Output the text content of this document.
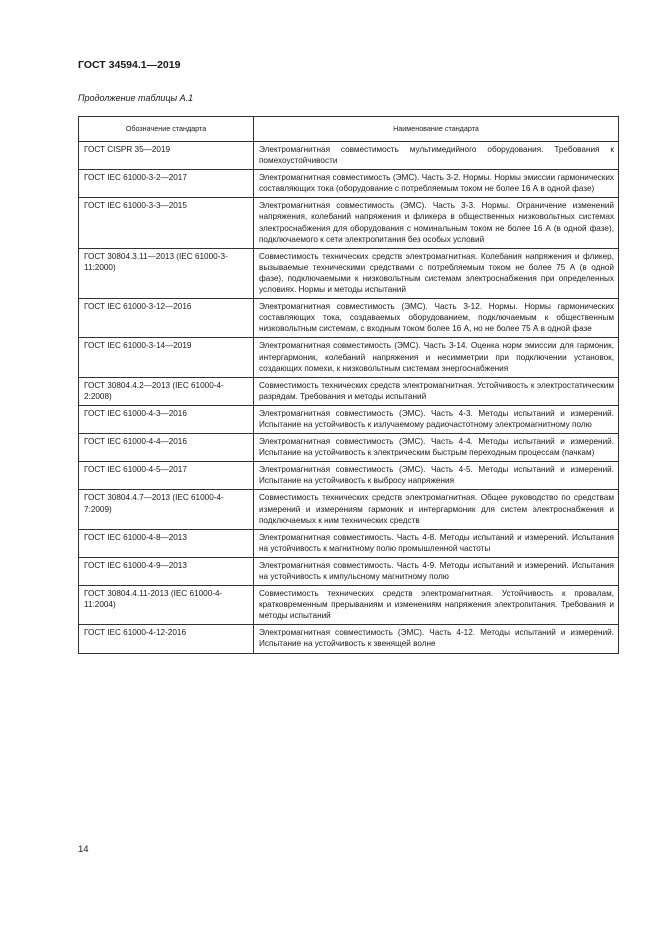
ГОСТ 34594.1—2019
Продолжение таблицы А.1
Обозначение стандарта	Наименование стандарта
ГОСТ CISPR 35—2019	Электромагнитная совместимость мультимедийного оборудования. Требования к помехоустойчивости
ГОСТ IEC 61000-3-2—2017	Электромагнитная совместимость (ЭМС). Часть 3-2. Нормы. Нормы эмиссии гармонических составляющих тока (оборудование с потребляемым током не более 16 А в одной фазе)
ГОСТ IEC 61000-3-3—2015	Электромагнитная совместимость (ЭМС). Часть 3-3. Нормы. Ограничение изменений напряжения, колебаний напряжения и фликера в общественных низковольтных системах электроснабжения для оборудования с номинальным током не более 16 А (в одной фазе), подключаемого к сети электропитания без особых условий
ГОСТ 30804.3.11—2013 (IEC 61000-3-11:2000)	Совместимость технических средств электромагнитная. Колебания напряжения и фликер, вызываемые техническими средствами с потребляемым током не более 75 А (в одной фазе), подключаемыми к низковольтным системам электроснабжения при определенных условиях. Нормы и методы испытаний
ГОСТ IEC 61000-3-12—2016	Электромагнитная совместимость (ЭМС). Часть 3-12. Нормы. Нормы гармонических составляющих тока, создаваемых оборудованием, подключаемым к общественным низковольтным системам, с входным током более 16 А, но не более 75 А в одной фазе
ГОСТ IEC 61000-3-14—2019	Электромагнитная совместимость (ЭМС). Часть 3-14. Оценка норм эмиссии для гармоник, интергармоник, колебаний напряжения и несимметрии при подключении установок, создающих помехи, к низковольтным системам энергоснабжения
ГОСТ 30804.4.2—2013 (IEC 61000-4-2:2008)	Совместимость технических средств электромагнитная. Устойчивость к электростатическим разрядам. Требования и методы испытаний
ГОСТ IEC 61000-4-3—2016	Электромагнитная совместимость (ЭМС). Часть 4-3. Методы испытаний и измерений. Испытание на устойчивость к излучаемому радиочастотному электромагнитному полю
ГОСТ IEC 61000-4-4—2016	Электромагнитная совместимость (ЭМС). Часть 4-4. Методы испытаний и измерений. Испытание на устойчивость к электрическим быстрым переходным процессам (пачкам)
ГОСТ IEC 61000-4-5—2017	Электромагнитная совместимость (ЭМС). Часть 4-5. Методы испытаний и измерений. Испытание на устойчивость к выбросу напряжения
ГОСТ 30804.4.7—2013 (IEC 61000-4-7:2009)	Совместимость технических средств электромагнитная. Общее руководство по средствам измерений и измерениям гармоник и интергармоник для систем электроснабжения и подключаемых к ним технических средств
ГОСТ IEC 61000-4-8—2013	Электромагнитная совместимость. Часть 4-8. Методы испытаний и измерений. Испытания на устойчивость к магнитному полю промышленной частоты
ГОСТ IEC 61000-4-9—2013	Электромагнитная совместимость. Часть 4-9. Методы испытаний и измерений. Испытания на устойчивость к импульсному магнитному полю
ГОСТ 30804.4.11-2013 (IEC 61000-4-11:2004)	Совместимость технических средств электромагнитная. Устойчивость к провалам, кратковременным прерываниям и изменениям напряжения электропитания. Требования и методы испытаний
ГОСТ IEC 61000-4-12-2016	Электромагнитная совместимость (ЭМС). Часть 4-12. Методы испытаний и измерений. Испытание на устойчивость к звенящей волне
14
